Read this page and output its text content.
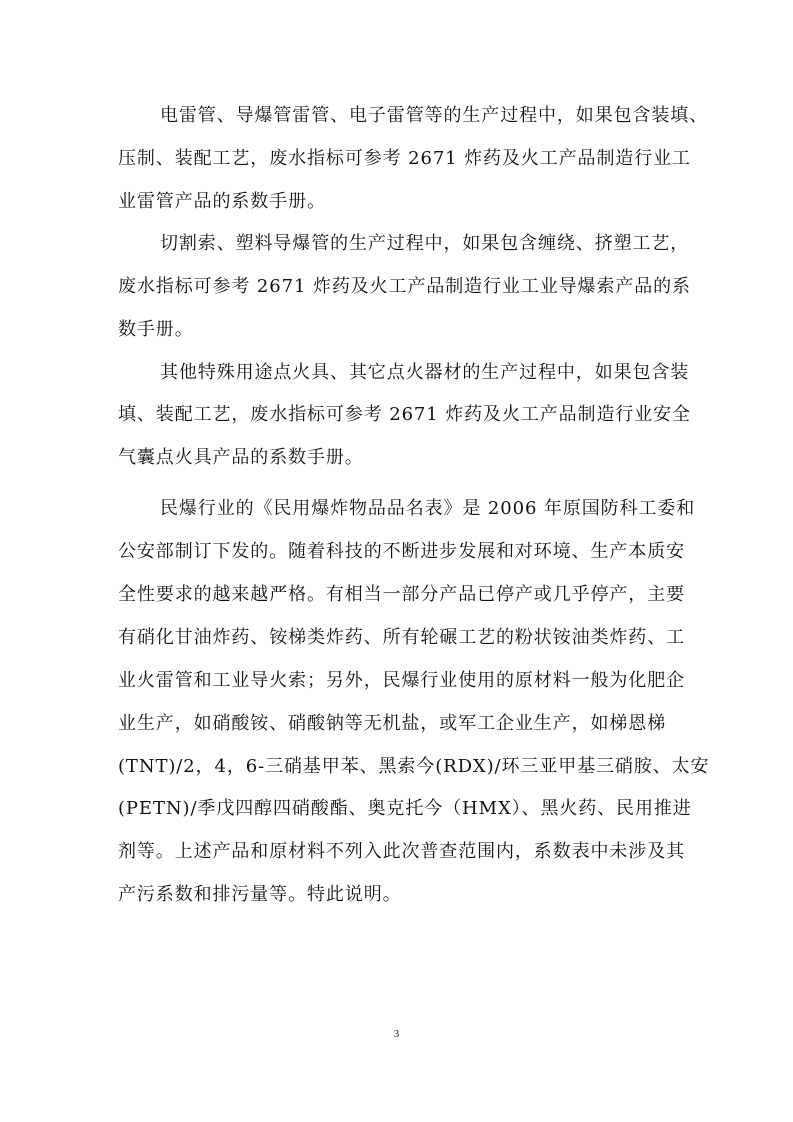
电雷管、导爆管雷管、电子雷管等的生产过程中，如果包含装填、
压制、装配工艺，废水指标可参考 2671 炸药及火工产品制造行业工
业雷管产品的系数手册。
切割索、塑料导爆管的生产过程中，如果包含缠绕、挤塑工艺，
废水指标可参考 2671 炸药及火工产品制造行业工业导爆索产品的系
数手册。
其他特殊用途点火具、其它点火器材的生产过程中，如果包含装
填、装配工艺，废水指标可参考 2671 炸药及火工产品制造行业安全
气囊点火具产品的系数手册。
民爆行业的《民用爆炸物品品名表》是 2006 年原国防科工委和
公安部制订下发的。随着科技的不断进步发展和对环境、生产本质安
全性要求的越来越严格。有相当一部分产品已停产或几乎停产，主要
有硝化甘油炸药、铵梯类炸药、所有轮碾工艺的粉状铵油类炸药、工
业火雷管和工业导火索；另外，民爆行业使用的原材料一般为化肥企
业生产，如硝酸铵、硝酸钠等无机盐，或军工企业生产，如梯恩梯
(TNT)/2，4，6-三硝基甲苯、黑索今(RDX)/环三亚甲基三硝胺、太安
(PETN)/季戊四醇四硝酸酯、奥克托今（HMX）、黑火药、民用推进
剂等。上述产品和原材料不列入此次普查范围内，系数表中未涉及其
产污系数和排污量等。特此说明。
3
